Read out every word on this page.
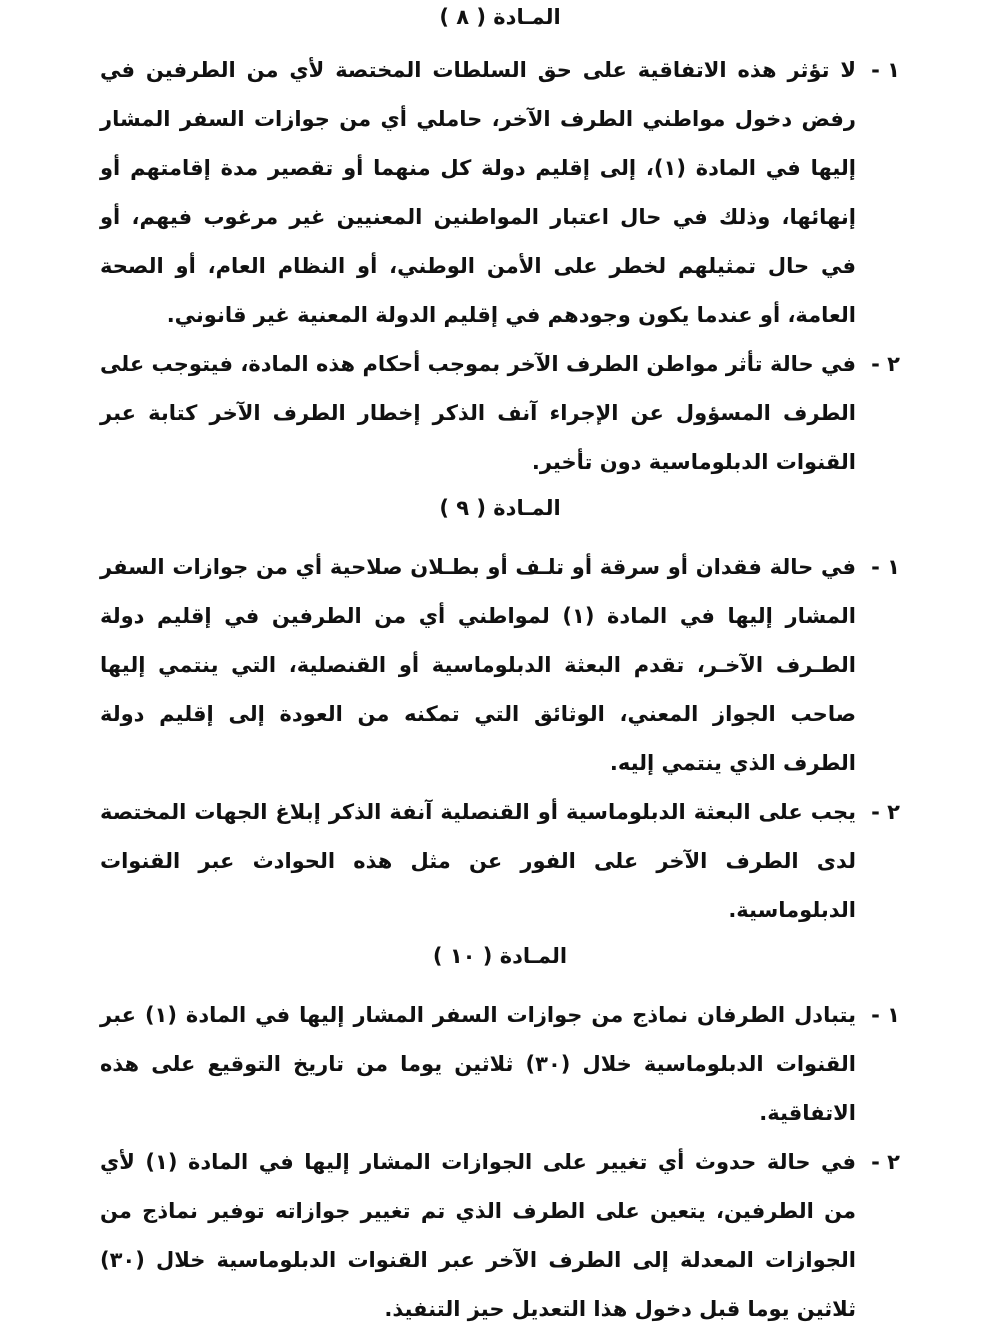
المـادة ( ٨ )
١ -

لا تؤثر هذه الاتفاقية على حق السلطات المختصة لأي من الطرفين في رفض دخول مواطني الطرف الآخر، حاملي أي من جوازات السفر المشار إليها في المادة (١)، إلى إقليم دولة كل منهما أو تقصير مدة إقامتهم أو إنهائها، وذلك في حال اعتبار المواطنين المعنيين غير مرغوب فيهم، أو في حال تمثيلهم لخطر على الأمن الوطني، أو النظام العام، أو الصحة العامة، أو عندما يكون وجودهم في إقليم الدولة المعنية غير قانوني.

٢ -

في حالة تأثر مواطن الطرف الآخر بموجب أحكام هذه المادة، فيتوجب على الطرف المسؤول عن الإجراء آنف الذكر إخطار الطرف الآخر كتابة عبر القنوات الدبلوماسية دون تأخير.

المـادة ( ٩ )
١ -

في حالة فقدان أو سرقة أو تلـف أو بطـلان صلاحية أي من جوازات السفر المشار إليها في المادة (١) لمواطني أي من الطرفين في إقليم دولة الطـرف الآخـر، تقدم البعثة الدبلوماسية أو القنصلية، التي ينتمي إليها صاحب الجواز المعني، الوثائق التي تمكنه من العودة إلى إقليم دولة الطرف الذي ينتمي إليه.

٢ -

يجب على البعثة الدبلوماسية أو القنصلية آنفة الذكر إبلاغ الجهات المختصة لدى الطرف الآخر على الفور عن مثل هذه الحوادث عبر القنوات الدبلوماسية.

المـادة ( ١٠ )
١ -

يتبادل الطرفان نماذج من جوازات السفر المشار إليها في المادة (١) عبر القنوات الدبلوماسية خلال (٣٠) ثلاثين يوما من تاريخ التوقيع على هذه الاتفاقية.

٢ -

في حالة حدوث أي تغيير على الجوازات المشار إليها في المادة (١) لأي من الطرفين، يتعين على الطرف الذي تم تغيير جوازاته توفير نماذج من الجوازات المعدلة إلى الطرف الآخر عبر القنوات الدبلوماسية خلال (٣٠) ثلاثين يوما قبل دخول هذا التعديل حيز التنفيذ.
